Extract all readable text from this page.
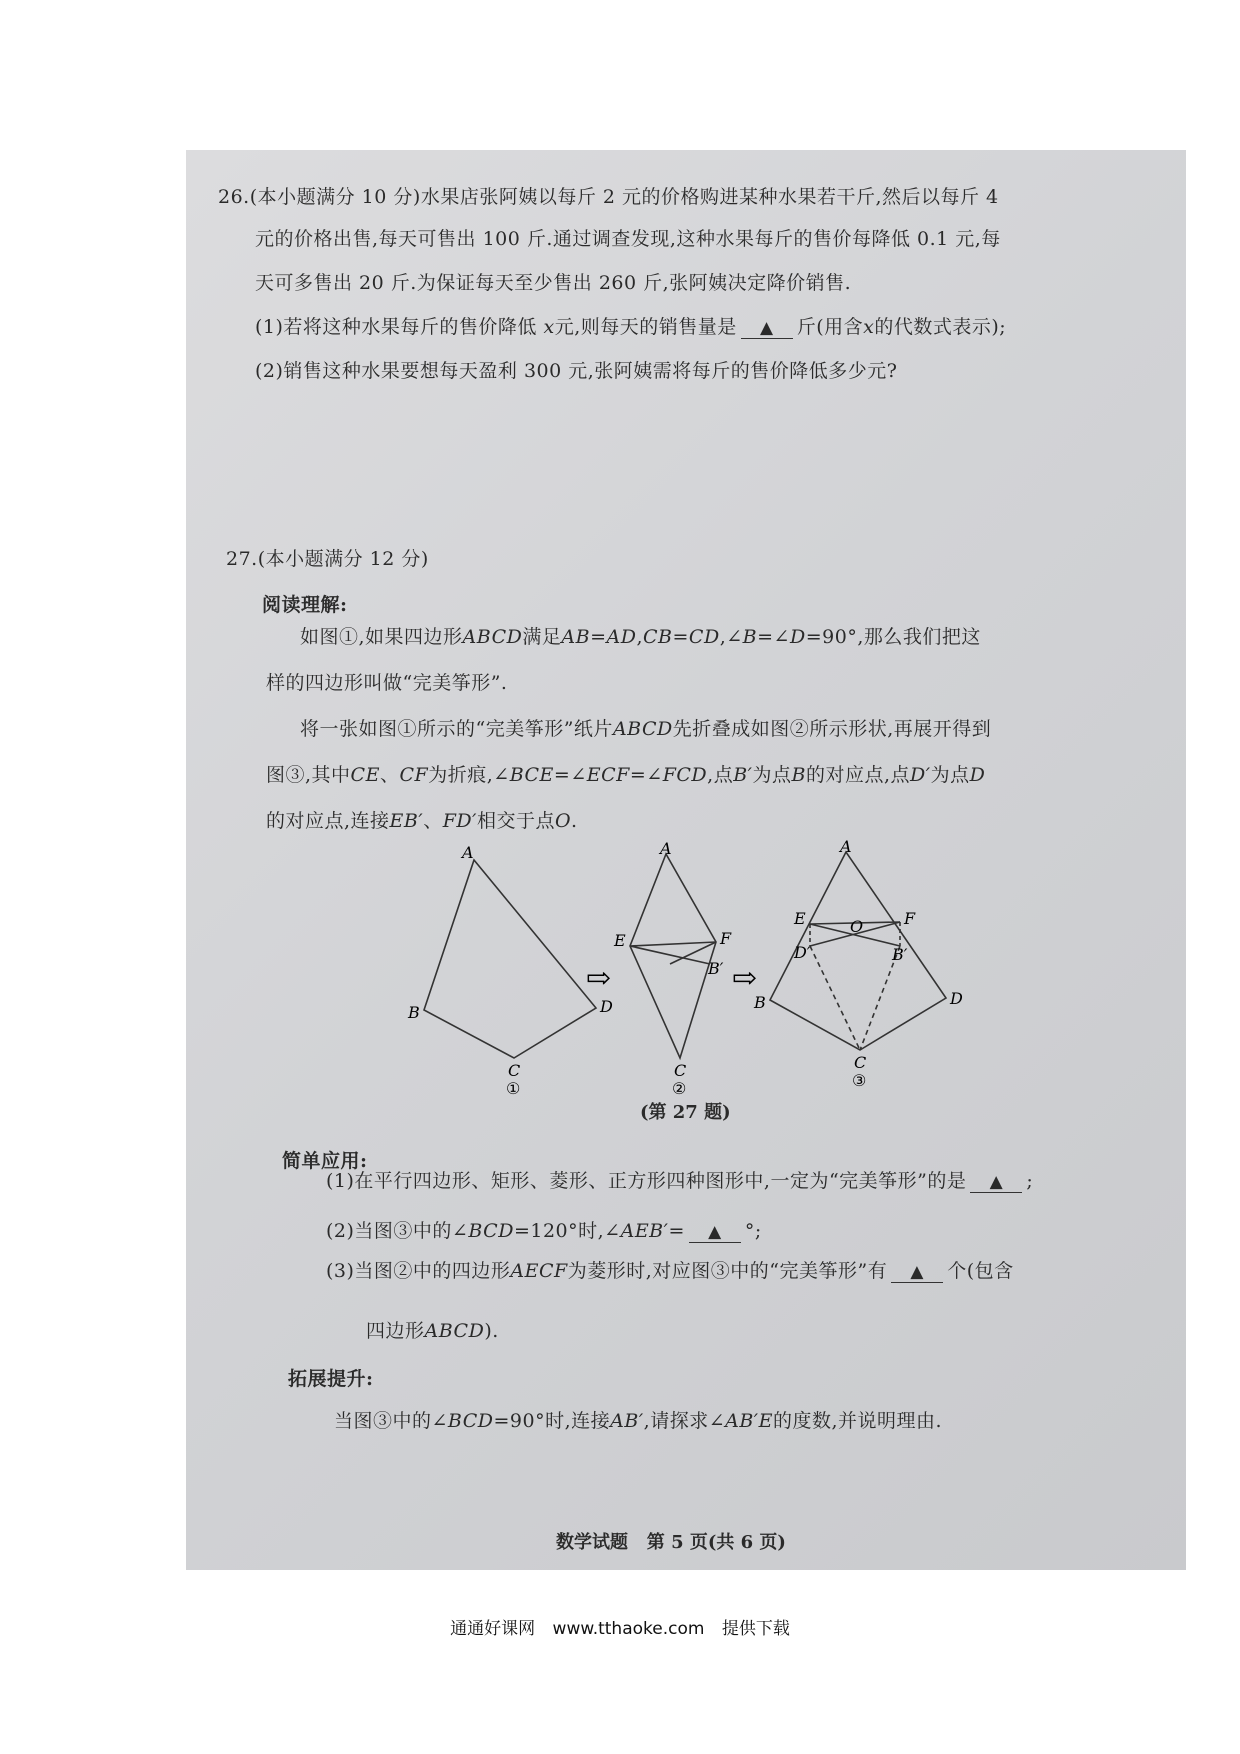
26.(本小题满分 10 分)水果店张阿姨以每斤 2 元的价格购进某种水果若干斤,然后以每斤 4
元的价格出售,每天可售出 100 斤.通过调查发现,这种水果每斤的售价每降低 0.1 元,每
天可多售出 20 斤.为保证每天至少售出 260 斤,张阿姨决定降价销售.
(1)若将这种水果每斤的售价降低 x元,则每天的销售量是 ▲ 斤(用含x的代数式表示);
(2)销售这种水果要想每天盈利 300 元,张阿姨需将每斤的售价降低多少元?
27.(本小题满分 12 分)
阅读理解:
如图①,如果四边形ABCD满足AB=AD,CB=CD,∠B=∠D=90°,那么我们把这
样的四边形叫做“完美筝形”.
将一张如图①所示的“完美筝形”纸片ABCD先折叠成如图②所示形状,再展开得到
图③,其中CE、CF为折痕,∠BCE=∠ECF=∠FCD,点B′为点B的对应点,点D′为点D
的对应点,连接EB′、FD′相交于点O.
A
B	D
C
①
⇨
A
E	F
B′
C
②
⇨
A
E	F
O
D′	B′
B	D
C
③
(第 27 题)
简单应用:
(1)在平行四边形、矩形、菱形、正方形四种图形中,一定为“完美筝形”的是 ▲ ;
(2)当图③中的∠BCD=120°时,∠AEB′= ▲ °;
(3)当图②中的四边形AECF为菱形时,对应图③中的“完美筝形”有 ▲ 个(包含
四边形ABCD).
拓展提升:
当图③中的∠BCD=90°时,连接AB′,请探求∠AB′E的度数,并说明理由.
数学试题   第 5 页(共 6 页)
通通好课网 www.tthaoke.com 提供下载
